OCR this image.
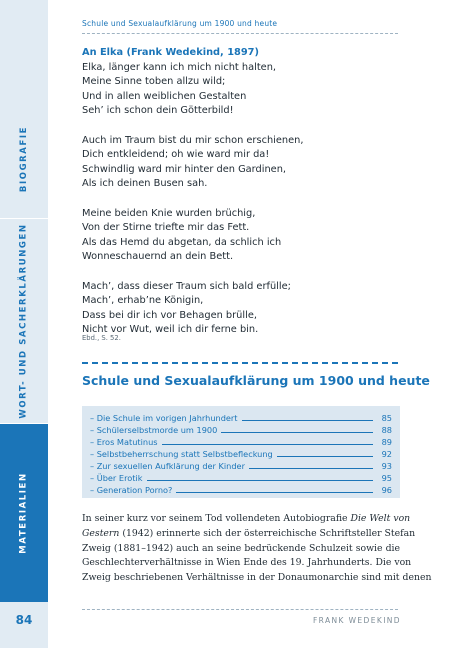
BIOGRAFIE
WORT- UND SACHERKLÄRUNGEN
MATERIALIEN
84
Schule und Sexualaufklärung um 1900 und heute
An Elka (Frank Wedekind, 1897)
Elka, länger kann ich mich nicht halten,
Meine Sinne toben allzu wild;
Und in allen weiblichen Gestalten
Seh’ ich schon dein Götterbild!
Auch im Traum bist du mir schon erschienen,
Dich entkleidend; oh wie ward mir da!
Schwindlig ward mir hinter den Gardinen,
Als ich deinen Busen sah.
Meine beiden Knie wurden brüchig,
Von der Stirne triefte mir das Fett.
Als das Hemd du abgetan, da schlich ich
Wonneschauernd an dein Bett.
Mach’, dass dieser Traum sich bald erfülle;
Mach’, erhab’ne Königin,
Dass bei dir ich vor Behagen brülle,
Nicht vor Wut, weil ich dir ferne bin.
Ebd., S. 52.
Schule und Sexualaufklärung um 1900 und heute
– Die Schule im vorigen Jahrhundert	85
– Schülerselbstmorde um 1900	88
– Eros Matutinus	89
– Selbstbeherrschung statt Selbstbefleckung	92
– Zur sexuellen Aufklärung der Kinder	93
– Über Erotik	95
– Generation Porno?	96
In seiner kurz vor seinem Tod vollendeten Autobiografie Die Welt von
Gestern (1942) erinnerte sich der österreichische Schriftsteller Stefan
Zweig (1881–1942) auch an seine bedrückende Schulzeit sowie die
Geschlechterverhältnisse in Wien Ende des 19. Jahrhunderts. Die von
Zweig beschriebenen Verhältnisse in der Donaumonarchie sind mit denen
FRANK WEDEKIND
